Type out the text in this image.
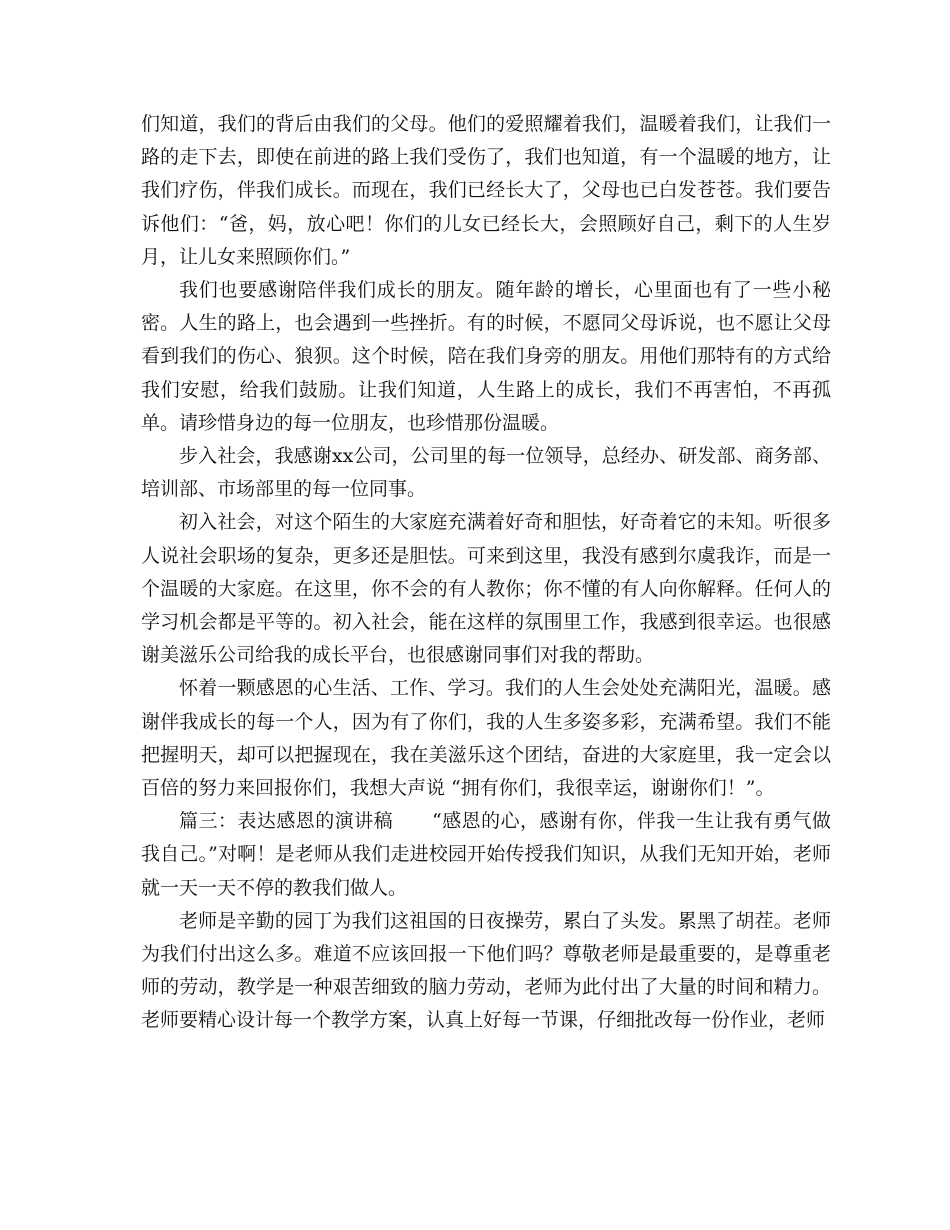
们知道，我们的背后由我们的父母。他们的爱照耀着我们，温暖着我们，让我们一路的走下去，即使在前进的路上我们受伤了，我们也知道，有一个温暖的地方，让我们疗伤，伴我们成长。而现在，我们已经长大了，父母也已白发苍苍。我们要告诉他们：“爸，妈，放心吧！你们的儿女已经长大，会照顾好自己，剩下的人生岁月，让儿女来照顾你们。”

我们也要感谢陪伴我们成长的朋友。随年龄的增长，心里面也有了一些小秘密。人生的路上，也会遇到一些挫折。有的时候，不愿同父母诉说，也不愿让父母看到我们的伤心、狼狈。这个时候，陪在我们身旁的朋友。用他们那特有的方式给我们安慰，给我们鼓励。让我们知道，人生路上的成长，我们不再害怕，不再孤单。请珍惜身边的每一位朋友，也珍惜那份温暖。

步入社会，我感谢xx公司，公司里的每一位领导，总经办、研发部、商务部、培训部、市场部里的每一位同事。

初入社会，对这个陌生的大家庭充满着好奇和胆怯，好奇着它的未知。听很多人说社会职场的复杂，更多还是胆怯。可来到这里，我没有感到尔虞我诈，而是一个温暖的大家庭。在这里，你不会的有人教你；你不懂的有人向你解释。任何人的学习机会都是平等的。初入社会，能在这样的氛围里工作，我感到很幸运。也很感谢美滋乐公司给我的成长平台，也很感谢同事们对我的帮助。

怀着一颗感恩的心生活、工作、学习。我们的人生会处处充满阳光，温暖。感谢伴我成长的每一个人，因为有了你们，我的人生多姿多彩，充满希望。我们不能把握明天，却可以把握现在，我在美滋乐这个团结，奋进的大家庭里，我一定会以百倍的努力来回报你们，我想大声说 “拥有你们，我很幸运，谢谢你们！”。

篇三：表达感恩的演讲稿　　“感恩的心，感谢有你，伴我一生让我有勇气做我自己。”对啊！是老师从我们走进校园开始传授我们知识，从我们无知开始，老师就一天一天不停的教我们做人。

老师是辛勤的园丁为我们这祖国的日夜操劳，累白了头发。累黑了胡茬。老师为我们付出这么多。难道不应该回报一下他们吗？尊敬老师是最重要的，是尊重老师的劳动，教学是一种艰苦细致的脑力劳动，老师为此付出了大量的时间和精力。老师要精心设计每一个教学方案，认真上好每一节课，仔细批改每一份作业，老师
